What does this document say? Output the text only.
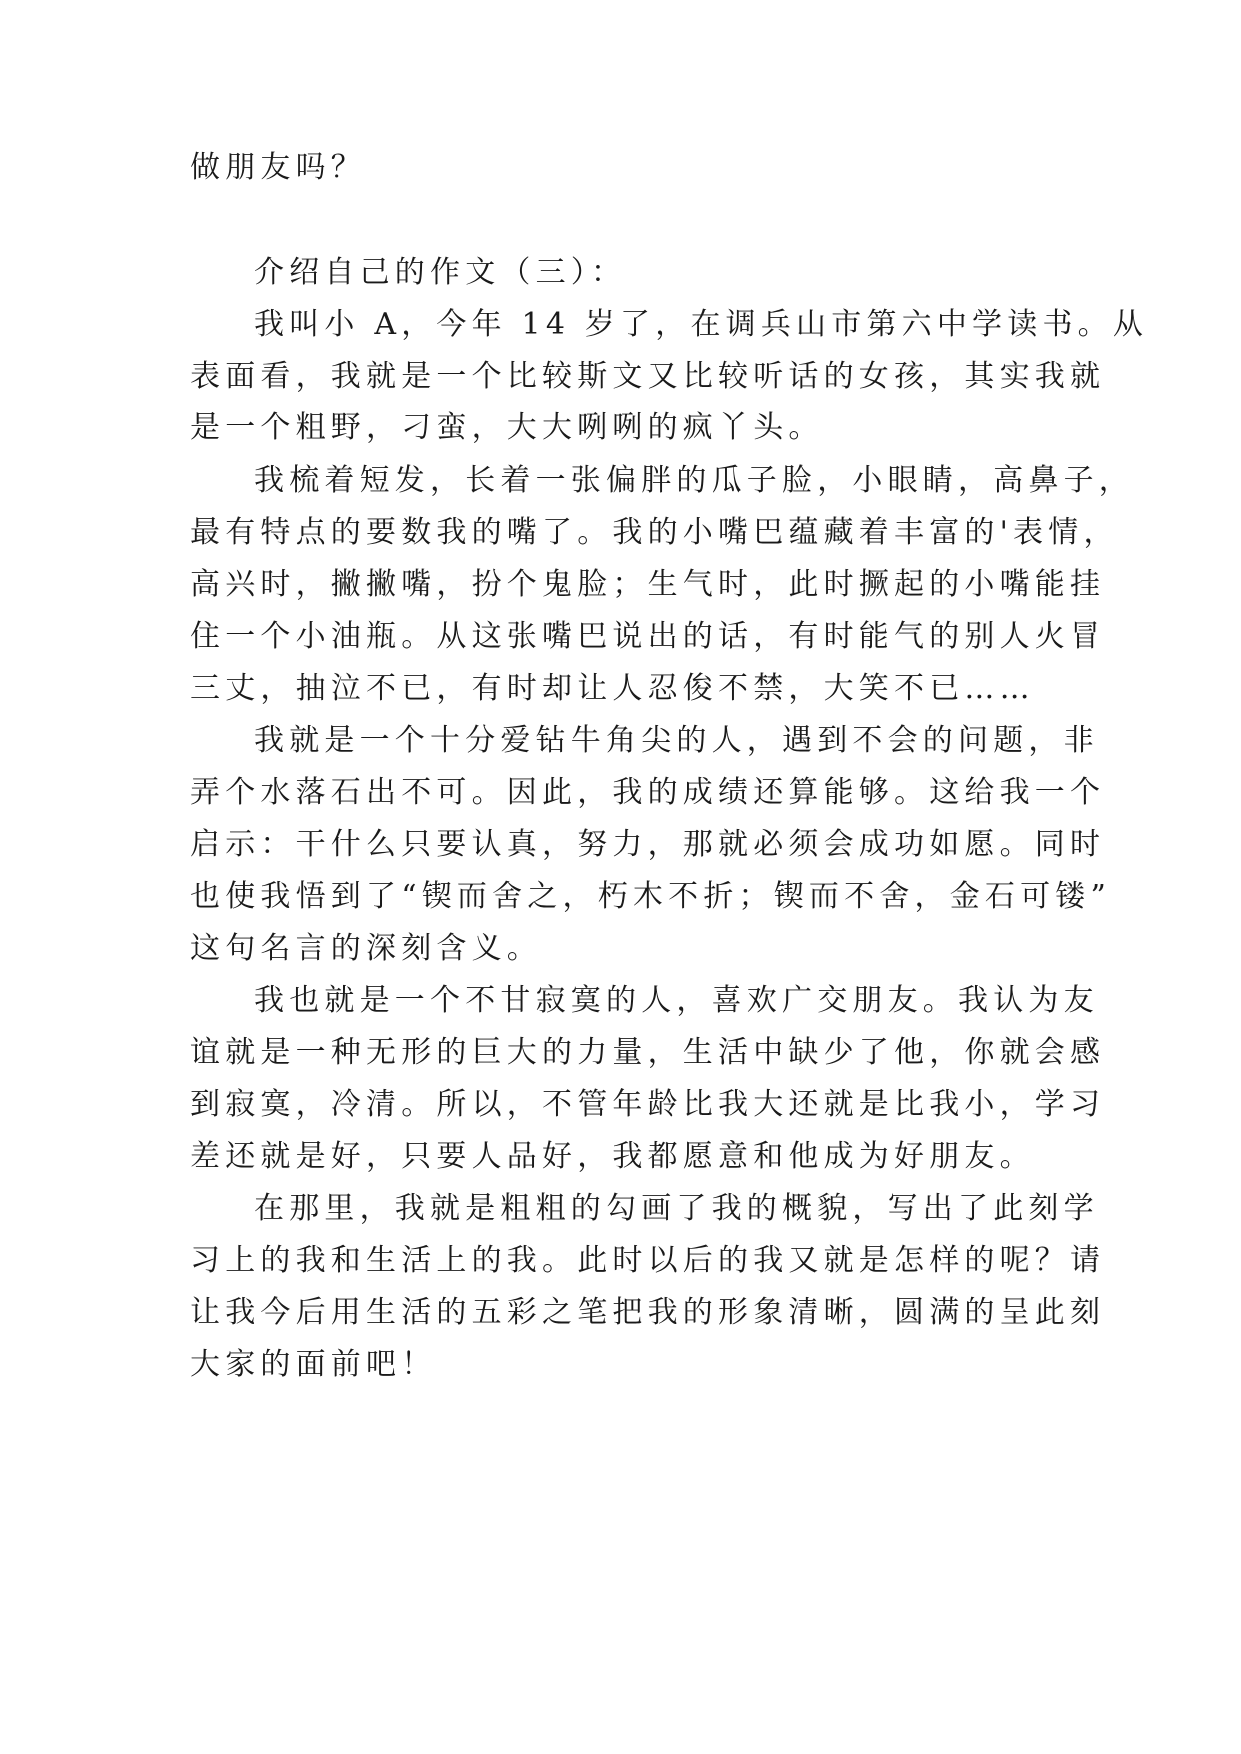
做朋友吗？
介绍自己的作文（三）：
我叫小 A，今年 14 岁了，在调兵山市第六中学读书。从
表面看，我就是一个比较斯文又比较听话的女孩，其实我就
是一个粗野，刁蛮，大大咧咧的疯丫头。
我梳着短发，长着一张偏胖的瓜子脸，小眼睛，高鼻子，
最有特点的要数我的嘴了。我的小嘴巴蕴藏着丰富的'表情，
高兴时，撇撇嘴，扮个鬼脸；生气时，此时撅起的小嘴能挂
住一个小油瓶。从这张嘴巴说出的话，有时能气的别人火冒
三丈，抽泣不已，有时却让人忍俊不禁，大笑不已……
我就是一个十分爱钻牛角尖的人，遇到不会的问题，非
弄个水落石出不可。因此，我的成绩还算能够。这给我一个
启示：干什么只要认真，努力，那就必须会成功如愿。同时
也使我悟到了“锲而舍之，朽木不折；锲而不舍，金石可镂”
这句名言的深刻含义。
我也就是一个不甘寂寞的人，喜欢广交朋友。我认为友
谊就是一种无形的巨大的力量，生活中缺少了他，你就会感
到寂寞，冷清。所以，不管年龄比我大还就是比我小，学习
差还就是好，只要人品好，我都愿意和他成为好朋友。
在那里，我就是粗粗的勾画了我的概貌，写出了此刻学
习上的我和生活上的我。此时以后的我又就是怎样的呢？请
让我今后用生活的五彩之笔把我的形象清晰，圆满的呈此刻
大家的面前吧！
